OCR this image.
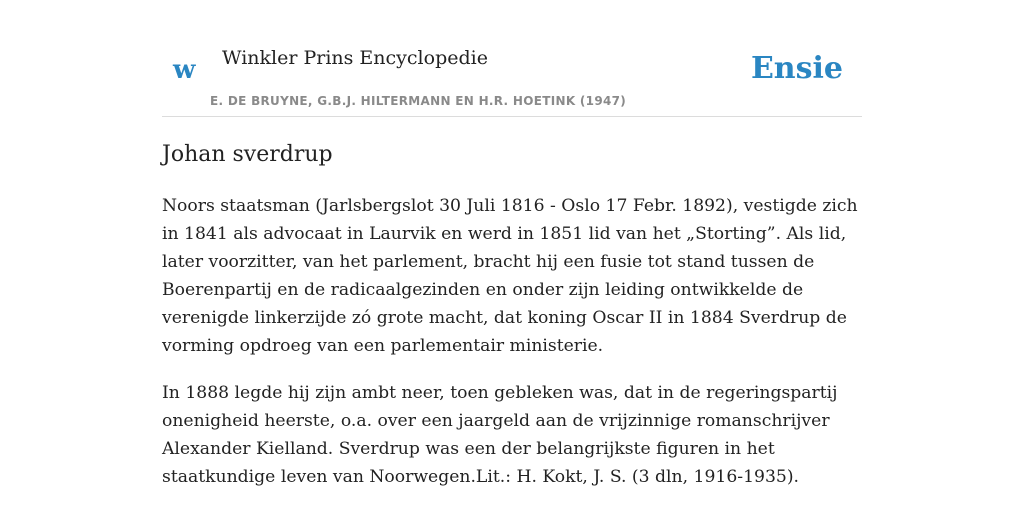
w Winkler Prins Encyclopedie
E. DE BRUYNE, G.B.J. HILTERMANN EN H.R. HOETINK (1947)
Ensie
Johan sverdrup

Noors staatsman (Jarlsbergslot 30 Juli 1816 - Oslo 17 Febr. 1892), vestigde zich in 1841 als advocaat in Laurvik en werd in 1851 lid van het „Storting”. Als lid, later voorzitter, van het parlement, bracht hij een fusie tot stand tussen de Boerenpartij en de radicaalgezinden en onder zijn leiding ontwikkelde de verenigde linkerzijde zó grote macht, dat koning Oscar II in 1884 Sverdrup de vorming opdroeg van een parlementair ministerie.

In 1888 legde hij zijn ambt neer, toen gebleken was, dat in de regeringspartij onenigheid heerste, o.a. over een jaargeld aan de vrijzinnige romanschrijver Alexander Kielland. Sverdrup was een der belangrijkste figuren in het staatkundige leven van Noorwegen.Lit.: H. Kokt, J. S. (3 dln, 1916-1935).
